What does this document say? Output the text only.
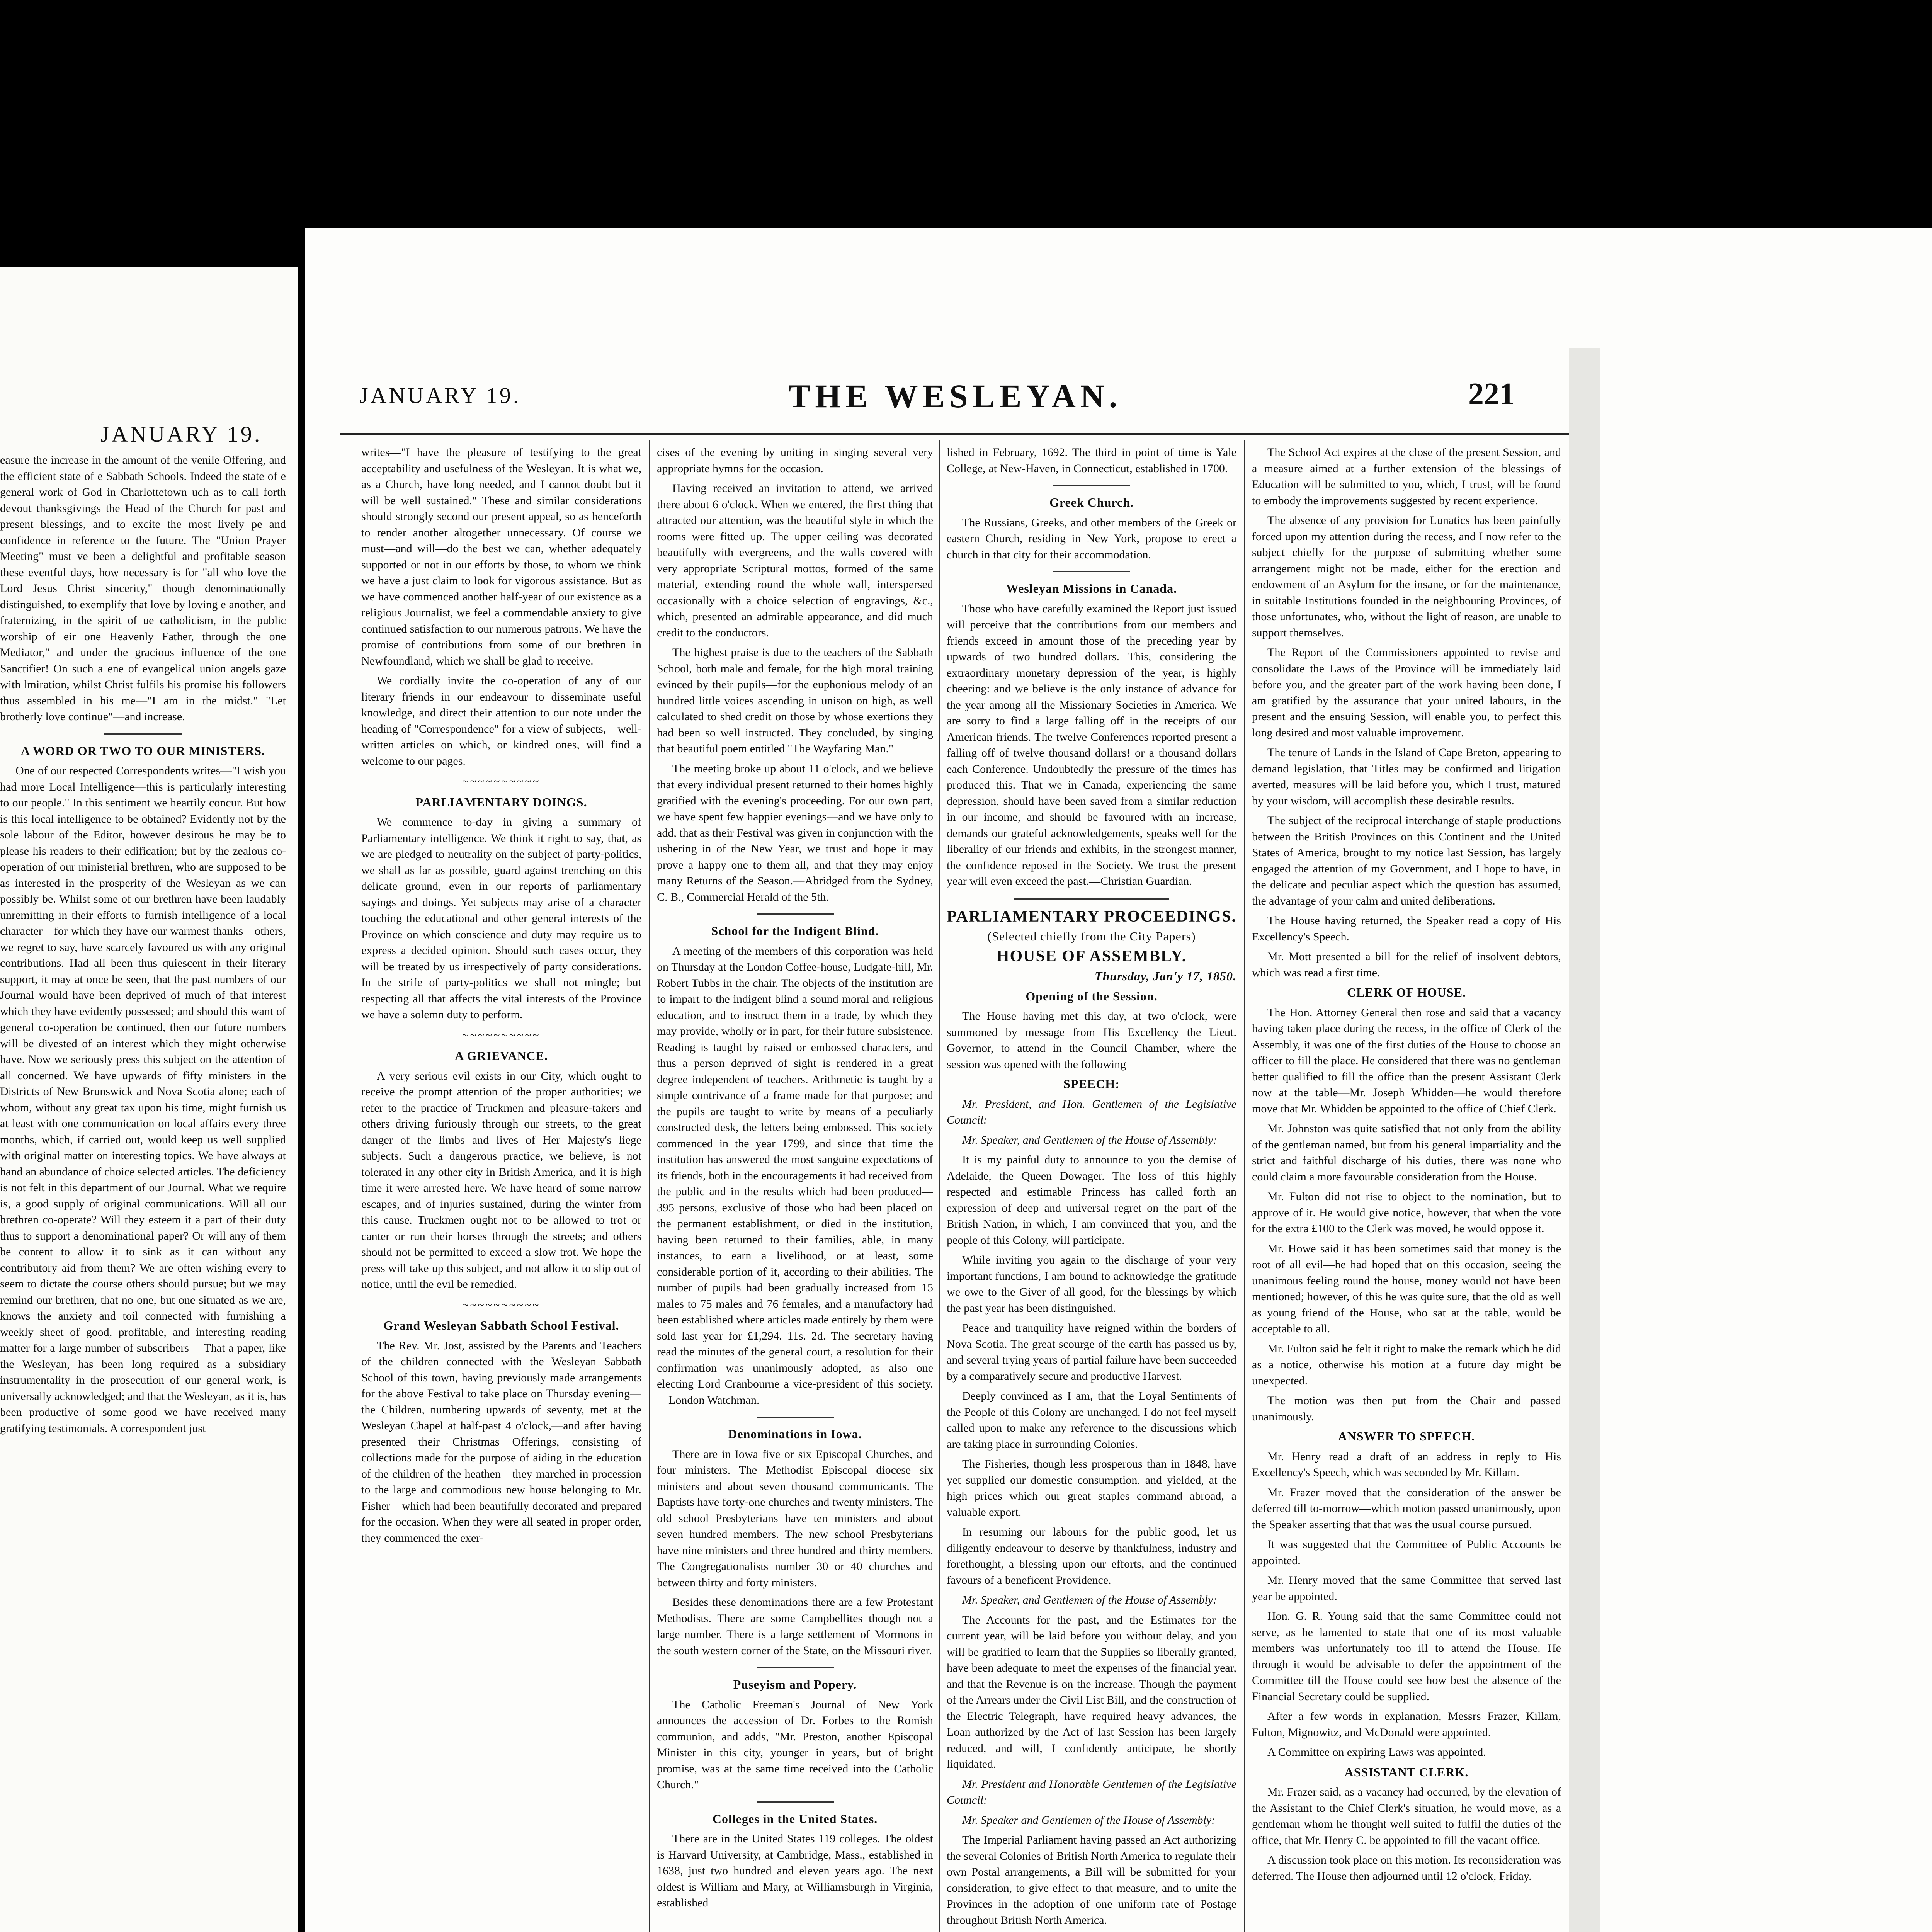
JANUARY 19.

easure the increase in the amount of the venile Offering, and the efficient state of e Sabbath Schools. Indeed the state of e general work of God in Charlottetown uch as to call forth devout thanksgivings the Head of the Church for past and present blessings, and to excite the most lively pe and confidence in reference to the future. The "Union Prayer Meeting" must ve been a delightful and profitable season these eventful days, how necessary is for "all who love the Lord Jesus Christ sincerity," though denominationally distinguished, to exemplify that love by loving e another, and fraternizing, in the spirit of ue catholicism, in the public worship of eir one Heavenly Father, through the one Mediator," and under the gracious influence of the one Sanctifier! On such a ene of evangelical union angels gaze with lmiration, whilst Christ fulfils his promise his followers thus assembled in his me—"I am in the midst." "Let brotherly love continue"—and increase.

A WORD OR TWO TO OUR MINISTERS.

One of our respected Correspondents writes—"I wish you had more Local Intelligence—this is particularly interesting to our people." In this sentiment we heartily concur. But how is this local intelligence to be obtained? Evidently not by the sole labour of the Editor, however desirous he may be to please his readers to their edification; but by the zealous co-operation of our ministerial brethren, who are supposed to be as interested in the prosperity of the Wesleyan as we can possibly be. Whilst some of our brethren have been laudably unremitting in their efforts to furnish intelligence of a local character—for which they have our warmest thanks—others, we regret to say, have scarcely favoured us with any original contributions. Had all been thus quiescent in their literary support, it may at once be seen, that the past numbers of our Journal would have been deprived of much of that interest which they have evidently possessed; and should this want of general co-operation be continued, then our future numbers will be divested of an interest which they might otherwise have. Now we seriously press this subject on the attention of all concerned. We have upwards of fifty ministers in the Districts of New Brunswick and Nova Scotia alone; each of whom, without any great tax upon his time, might furnish us at least with one communication on local affairs every three months, which, if carried out, would keep us well supplied with original matter on interesting topics. We have always at hand an abundance of choice selected articles. The deficiency is not felt in this department of our Journal. What we require is, a good supply of original communications. Will all our brethren co-operate? Will they esteem it a part of their duty thus to support a denominational paper? Or will any of them be content to allow it to sink as it can without any contributory aid from them? We are often wishing every to seem to dictate the course others should pursue; but we may remind our brethren, that no one, but one situated as we are, knows the anxiety and toil connected with furnishing a weekly sheet of good, profitable, and interesting reading matter for a large number of subscribers— That a paper, like the Wesleyan, has been long required as a subsidiary instrumentality in the prosecution of our general work, is universally acknowledged; and that the Wesleyan, as it is, has been productive of some good we have received many gratifying testimonials. A correspondent just

JANUARY 19.	THE WESLEYAN.	221

writes—"I have the pleasure of testifying to the great acceptability and usefulness of the Wesleyan. It is what we, as a Church, have long needed, and I cannot doubt but it will be well sustained." These and similar considerations should strongly second our present appeal, so as henceforth to render another altogether unnecessary. Of course we must—and will—do the best we can, whether adequately supported or not in our efforts by those, to whom we think we have a just claim to look for vigorous assistance. But as we have commenced another half-year of our existence as a religious Journalist, we feel a commendable anxiety to give continued satisfaction to our numerous patrons. We have the promise of contributions from some of our brethren in Newfoundland, which we shall be glad to receive.

We cordially invite the co-operation of any of our literary friends in our endeavour to disseminate useful knowledge, and direct their attention to our note under the heading of "Correspondence" for a view of subjects,—well-written articles on which, or kindred ones, will find a welcome to our pages.

~~~~~~~~~~

PARLIAMENTARY DOINGS.

We commence to-day in giving a summary of Parliamentary intelligence. We think it right to say, that, as we are pledged to neutrality on the subject of party-politics, we shall as far as possible, guard against trenching on this delicate ground, even in our reports of parliamentary sayings and doings. Yet subjects may arise of a character touching the educational and other general interests of the Province on which conscience and duty may require us to express a decided opinion. Should such cases occur, they will be treated by us irrespectively of party considerations. In the strife of party-politics we shall not mingle; but respecting all that affects the vital interests of the Province we have a solemn duty to perform.

~~~~~~~~~~

A GRIEVANCE.

A very serious evil exists in our City, which ought to receive the prompt attention of the proper authorities; we refer to the practice of Truckmen and pleasure-takers and others driving furiously through our streets, to the great danger of the limbs and lives of Her Majesty's liege subjects. Such a dangerous practice, we believe, is not tolerated in any other city in British America, and it is high time it were arrested here. We have heard of some narrow escapes, and of injuries sustained, during the winter from this cause. Truckmen ought not to be allowed to trot or canter or run their horses through the streets; and others should not be permitted to exceed a slow trot. We hope the press will take up this subject, and not allow it to slip out of notice, until the evil be remedied.

~~~~~~~~~~

Grand Wesleyan Sabbath School Festival.

The Rev. Mr. Jost, assisted by the Parents and Teachers of the children connected with the Wesleyan Sabbath School of this town, having previously made arrangements for the above Festival to take place on Thursday evening—the Children, numbering upwards of seventy, met at the Wesleyan Chapel at half-past 4 o'clock,—and after having presented their Christmas Offerings, consisting of collections made for the purpose of aiding in the education of the children of the heathen—they marched in procession to the large and commodious new house belonging to Mr. Fisher—which had been beautifully decorated and prepared for the occasion. When they were all seated in proper order, they commenced the exer-

cises of the evening by uniting in singing several very appropriate hymns for the occasion.

Having received an invitation to attend, we arrived there about 6 o'clock. When we entered, the first thing that attracted our attention, was the beautiful style in which the rooms were fitted up. The upper ceiling was decorated beautifully with evergreens, and the walls covered with very appropriate Scriptural mottos, formed of the same material, extending round the whole wall, interspersed occasionally with a choice selection of engravings, &c., which, presented an admirable appearance, and did much credit to the conductors.

The highest praise is due to the teachers of the Sabbath School, both male and female, for the high moral training evinced by their pupils—for the euphonious melody of an hundred little voices ascending in unison on high, as well calculated to shed credit on those by whose exertions they had been so well instructed. They concluded, by singing that beautiful poem entitled "The Wayfaring Man."

The meeting broke up about 11 o'clock, and we believe that every individual present returned to their homes highly gratified with the evening's proceeding. For our own part, we have spent few happier evenings—and we have only to add, that as their Festival was given in conjunction with the ushering in of the New Year, we trust and hope it may prove a happy one to them all, and that they may enjoy many Returns of the Season.—Abridged from the Sydney, C. B., Commercial Herald of the 5th.

School for the Indigent Blind.

A meeting of the members of this corporation was held on Thursday at the London Coffee-house, Ludgate-hill, Mr. Robert Tubbs in the chair. The objects of the institution are to impart to the indigent blind a sound moral and religious education, and to instruct them in a trade, by which they may provide, wholly or in part, for their future subsistence. Reading is taught by raised or embossed characters, and thus a person deprived of sight is rendered in a great degree independent of teachers. Arithmetic is taught by a simple contrivance of a frame made for that purpose; and the pupils are taught to write by means of a peculiarly constructed desk, the letters being embossed. This society commenced in the year 1799, and since that time the institution has answered the most sanguine expectations of its friends, both in the encouragements it had received from the public and in the results which had been produced—395 persons, exclusive of those who had been placed on the permanent establishment, or died in the institution, having been returned to their families, able, in many instances, to earn a livelihood, or at least, some considerable portion of it, according to their abilities. The number of pupils had been gradually increased from 15 males to 75 males and 76 females, and a manufactory had been established where articles made entirely by them were sold last year for £1,294. 11s. 2d. The secretary having read the minutes of the general court, a resolution for their confirmation was unanimously adopted, as also one electing Lord Cranbourne a vice-president of this society.—London Watchman.

Denominations in Iowa.

There are in Iowa five or six Episcopal Churches, and four ministers. The Methodist Episcopal diocese six ministers and about seven thousand communicants. The Baptists have forty-one churches and twenty ministers. The old school Presbyterians have ten ministers and about seven hundred members. The new school Presbyterians have nine ministers and three hundred and thirty members. The Congregationalists number 30 or 40 churches and between thirty and forty ministers.

Besides these denominations there are a few Protestant Methodists. There are some Campbellites though not a large number. There is a large settlement of Mormons in the south western corner of the State, on the Missouri river.

Puseyism and Popery.

The Catholic Freeman's Journal of New York announces the accession of Dr. Forbes to the Romish communion, and adds, "Mr. Preston, another Episcopal Minister in this city, younger in years, but of bright promise, was at the same time received into the Catholic Church."

Colleges in the United States.

There are in the United States 119 colleges. The oldest is Harvard University, at Cambridge, Mass., established in 1638, just two hundred and eleven years ago. The next oldest is William and Mary, at Williamsburgh in Virginia, established

lished in February, 1692. The third in point of time is Yale College, at New-Haven, in Connecticut, established in 1700.

Greek Church.

The Russians, Greeks, and other members of the Greek or eastern Church, residing in New York, propose to erect a church in that city for their accommodation.

Wesleyan Missions in Canada.

Those who have carefully examined the Report just issued will perceive that the contributions from our members and friends exceed in amount those of the preceding year by upwards of two hundred dollars. This, considering the extraordinary monetary depression of the year, is highly cheering: and we believe is the only instance of advance for the year among all the Missionary Societies in America. We are sorry to find a large falling off in the receipts of our American friends. The twelve Conferences reported present a falling off of twelve thousand dollars! or a thousand dollars each Conference. Undoubtedly the pressure of the times has produced this. That we in Canada, experiencing the same depression, should have been saved from a similar reduction in our income, and should be favoured with an increase, demands our grateful acknowledgements, speaks well for the liberality of our friends and exhibits, in the strongest manner, the confidence reposed in the Society. We trust the present year will even exceed the past.—Christian Guardian.

PARLIAMENTARY PROCEEDINGS.

(Selected chiefly from the City Papers)

HOUSE OF ASSEMBLY.

Thursday, Jan'y 17, 1850.

Opening of the Session.

The House having met this day, at two o'clock, were summoned by message from His Excellency the Lieut. Governor, to attend in the Council Chamber, where the session was opened with the following

SPEECH:

Mr. President, and Hon. Gentlemen of the Legislative Council:

Mr. Speaker, and Gentlemen of the House of Assembly:

It is my painful duty to announce to you the demise of Adelaide, the Queen Dowager. The loss of this highly respected and estimable Princess has called forth an expression of deep and universal regret on the part of the British Nation, in which, I am convinced that you, and the people of this Colony, will participate.

While inviting you again to the discharge of your very important functions, I am bound to acknowledge the gratitude we owe to the Giver of all good, for the blessings by which the past year has been distinguished.

Peace and tranquility have reigned within the borders of Nova Scotia. The great scourge of the earth has passed us by, and several trying years of partial failure have been succeeded by a comparatively secure and productive Harvest.

Deeply convinced as I am, that the Loyal Sentiments of the People of this Colony are unchanged, I do not feel myself called upon to make any reference to the discussions which are taking place in surrounding Colonies.

The Fisheries, though less prosperous than in 1848, have yet supplied our domestic consumption, and yielded, at the high prices which our great staples command abroad, a valuable export.

In resuming our labours for the public good, let us diligently endeavour to deserve by thankfulness, industry and forethought, a blessing upon our efforts, and the continued favours of a beneficent Providence.

Mr. Speaker, and Gentlemen of the House of Assembly:

The Accounts for the past, and the Estimates for the current year, will be laid before you without delay, and you will be gratified to learn that the Supplies so liberally granted, have been adequate to meet the expenses of the financial year, and that the Revenue is on the increase. Though the payment of the Arrears under the Civil List Bill, and the construction of the Electric Telegraph, have required heavy advances, the Loan authorized by the Act of last Session has been largely reduced, and will, I confidently anticipate, be shortly liquidated.

Mr. President and Honorable Gentlemen of the Legislative Council:

Mr. Speaker and Gentlemen of the House of Assembly:

The Imperial Parliament having passed an Act authorizing the several Colonies of British North America to regulate their own Postal arrangements, a Bill will be submitted for your consideration, to give effect to that measure, and to unite the Provinces in the adoption of one uniform rate of Postage throughout British North America.

The School Act expires at the close of the present Session, and a measure aimed at a further extension of the blessings of Education will be submitted to you, which, I trust, will be found to embody the improvements suggested by recent experience.

The absence of any provision for Lunatics has been painfully forced upon my attention during the recess, and I now refer to the subject chiefly for the purpose of submitting whether some arrangement might not be made, either for the erection and endowment of an Asylum for the insane, or for the maintenance, in suitable Institutions founded in the neighbouring Provinces, of those unfortunates, who, without the light of reason, are unable to support themselves.

The Report of the Commissioners appointed to revise and consolidate the Laws of the Province will be immediately laid before you, and the greater part of the work having been done, I am gratified by the assurance that your united labours, in the present and the ensuing Session, will enable you, to perfect this long desired and most valuable improvement.

The tenure of Lands in the Island of Cape Breton, appearing to demand legislation, that Titles may be confirmed and litigation averted, measures will be laid before you, which I trust, matured by your wisdom, will accomplish these desirable results.

The subject of the reciprocal interchange of staple productions between the British Provinces on this Continent and the United States of America, brought to my notice last Session, has largely engaged the attention of my Government, and I hope to have, in the delicate and peculiar aspect which the question has assumed, the advantage of your calm and united deliberations.

The House having returned, the Speaker read a copy of His Excellency's Speech.

Mr. Mott presented a bill for the relief of insolvent debtors, which was read a first time.

CLERK OF HOUSE.

The Hon. Attorney General then rose and said that a vacancy having taken place during the recess, in the office of Clerk of the Assembly, it was one of the first duties of the House to choose an officer to fill the place. He considered that there was no gentleman better qualified to fill the office than the present Assistant Clerk now at the table—Mr. Joseph Whidden—he would therefore move that Mr. Whidden be appointed to the office of Chief Clerk.

Mr. Johnston was quite satisfied that not only from the ability of the gentleman named, but from his general impartiality and the strict and faithful discharge of his duties, there was none who could claim a more favourable consideration from the House.

Mr. Fulton did not rise to object to the nomination, but to approve of it. He would give notice, however, that when the vote for the extra £100 to the Clerk was moved, he would oppose it.

Mr. Howe said it has been sometimes said that money is the root of all evil—he had hoped that on this occasion, seeing the unanimous feeling round the house, money would not have been mentioned; however, of this he was quite sure, that the old as well as young friend of the House, who sat at the table, would be acceptable to all.

Mr. Fulton said he felt it right to make the remark which he did as a notice, otherwise his motion at a future day might be unexpected.

The motion was then put from the Chair and passed unanimously.

ANSWER TO SPEECH.

Mr. Henry read a draft of an address in reply to His Excellency's Speech, which was seconded by Mr. Killam.

Mr. Frazer moved that the consideration of the answer be deferred till to-morrow—which motion passed unanimously, upon the Speaker asserting that that was the usual course pursued.

It was suggested that the Committee of Public Accounts be appointed.

Mr. Henry moved that the same Committee that served last year be appointed.

Hon. G. R. Young said that the same Committee could not serve, as he lamented to state that one of its most valuable members was unfortunately too ill to attend the House. He through it would be advisable to defer the appointment of the Committee till the House could see how best the absence of the Financial Secretary could be supplied.

After a few words in explanation, Messrs Frazer, Killam, Fulton, Mignowitz, and McDonald were appointed.

A Committee on expiring Laws was appointed.

ASSISTANT CLERK.

Mr. Frazer said, as a vacancy had occurred, by the elevation of the Assistant to the Chief Clerk's situation, he would move, as a gentleman whom he thought well suited to fulfil the duties of the office, that Mr. Henry C. be appointed to fill the vacant office.

A discussion took place on this motion. Its reconsideration was deferred. The House then adjourned until 12 o'clock, Friday.
